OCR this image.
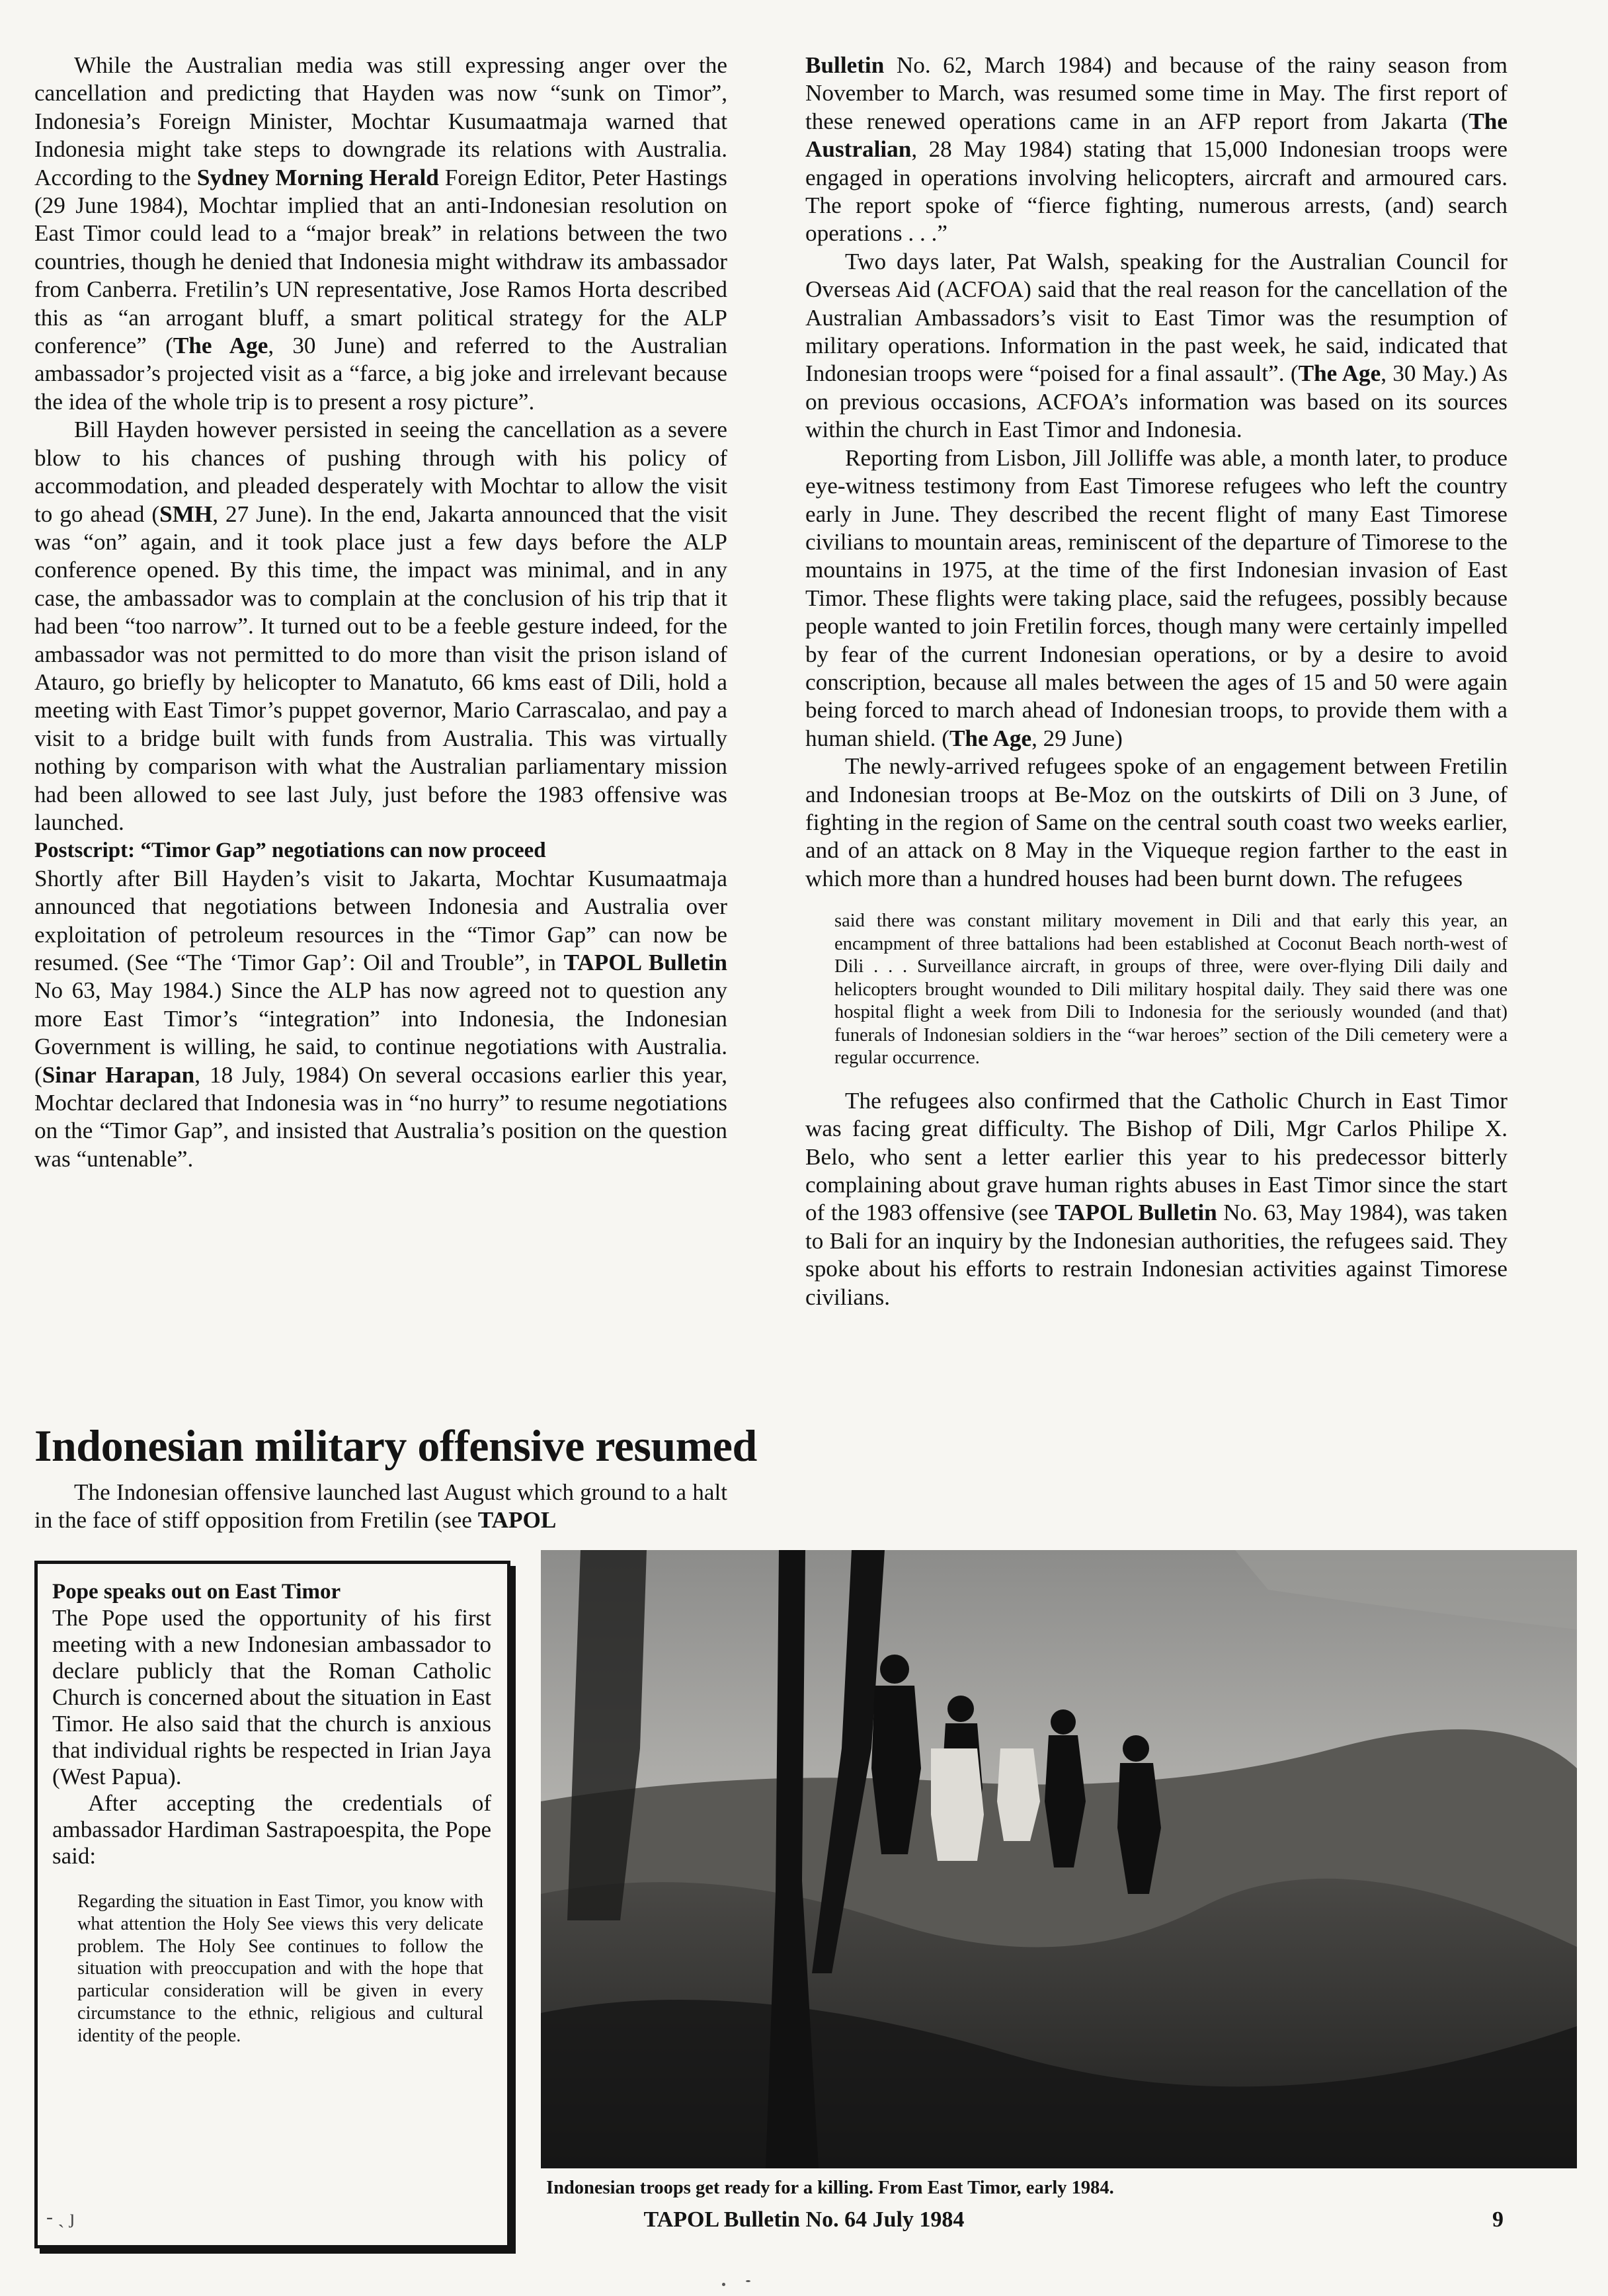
While the Australian media was still expressing anger over the cancellation and predicting that Hayden was now “sunk on Timor”, Indonesia’s Foreign Minister, Mochtar Kusumaatmaja warned that Indonesia might take steps to downgrade its relations with Australia. According to the Sydney Morning Herald Foreign Editor, Peter Hastings (29 June 1984), Mochtar implied that an anti-Indonesian resolution on East Timor could lead to a “major break” in relations between the two countries, though he denied that Indonesia might withdraw its ambassador from Canberra. Fretilin’s UN representative, Jose Ramos Horta described this as “an arrogant bluff, a smart political strategy for the ALP conference” (The Age, 30 June) and referred to the Australian ambassador’s projected visit as a “farce, a big joke and irrelevant because the idea of the whole trip is to present a rosy picture”.

Bill Hayden however persisted in seeing the cancellation as a severe blow to his chances of pushing through with his policy of accommodation, and pleaded desperately with Mochtar to allow the visit to go ahead (SMH, 27 June). In the end, Jakarta announced that the visit was “on” again, and it took place just a few days before the ALP conference opened. By this time, the impact was minimal, and in any case, the ambassador was to complain at the conclusion of his trip that it had been “too narrow”. It turned out to be a feeble gesture indeed, for the ambassador was not permitted to do more than visit the prison island of Atauro, go briefly by helicopter to Manatuto, 66 kms east of Dili, hold a meeting with East Timor’s puppet governor, Mario Carrascalao, and pay a visit to a bridge built with funds from Australia. This was virtually nothing by comparison with what the Australian parliamentary mission had been allowed to see last July, just before the 1983 offensive was launched.

Postscript: “Timor Gap” negotiations can now proceed

Shortly after Bill Hayden’s visit to Jakarta, Mochtar Kusumaatmaja announced that negotiations between Indonesia and Australia over exploitation of petroleum resources in the “Timor Gap” can now be resumed. (See “The ‘Timor Gap’: Oil and Trouble”, in TAPOL Bulletin No 63, May 1984.) Since the ALP has now agreed not to question any more East Timor’s “integration” into Indonesia, the Indonesian Government is willing, he said, to continue negotiations with Australia. (Sinar Harapan, 18 July, 1984) On several occasions earlier this year, Mochtar declared that Indonesia was in “no hurry” to resume negotiations on the “Timor Gap”, and insisted that Australia’s position on the question was “untenable”.

Indonesian military offensive resumed

The Indonesian offensive launched last August which ground to a halt in the face of stiff opposition from Fretilin (see TAPOL

Bulletin No. 62, March 1984) and because of the rainy season from November to March, was resumed some time in May. The first report of these renewed operations came in an AFP report from Jakarta (The Australian, 28 May 1984) stating that 15,000 Indonesian troops were engaged in operations involving helicopters, aircraft and armoured cars. The report spoke of “fierce fighting, numerous arrests, (and) search operations . . .”

Two days later, Pat Walsh, speaking for the Australian Council for Overseas Aid (ACFOA) said that the real reason for the cancellation of the Australian Ambassadors’s visit to East Timor was the resumption of military operations. Information in the past week, he said, indicated that Indonesian troops were “poised for a final assault”. (The Age, 30 May.) As on previous occasions, ACFOA’s information was based on its sources within the church in East Timor and Indonesia.

Reporting from Lisbon, Jill Jolliffe was able, a month later, to produce eye-witness testimony from East Timorese refugees who left the country early in June. They described the recent flight of many East Timorese civilians to mountain areas, reminiscent of the departure of Timorese to the mountains in 1975, at the time of the first Indonesian invasion of East Timor. These flights were taking place, said the refugees, possibly because people wanted to join Fretilin forces, though many were certainly impelled by fear of the current Indonesian operations, or by a desire to avoid conscription, because all males between the ages of 15 and 50 were again being forced to march ahead of Indonesian troops, to provide them with a human shield. (The Age, 29 June)

The newly-arrived refugees spoke of an engagement between Fretilin and Indonesian troops at Be-Moz on the outskirts of Dili on 3 June, of fighting in the region of Same on the central south coast two weeks earlier, and of an attack on 8 May in the Viqueque region farther to the east in which more than a hundred houses had been burnt down. The refugees

said there was constant military movement in Dili and that early this year, an encampment of three battalions had been established at Coconut Beach north-west of Dili . . . Surveillance aircraft, in groups of three, were over-flying Dili daily and helicopters brought wounded to Dili military hospital daily. They said there was one hospital flight a week from Dili to Indonesia for the seriously wounded (and that) funerals of Indonesian soldiers in the “war heroes” section of the Dili cemetery were a regular occurrence.

The refugees also confirmed that the Catholic Church in East Timor was facing great difficulty. The Bishop of Dili, Mgr Carlos Philipe X. Belo, who sent a letter earlier this year to his predecessor bitterly complaining about grave human rights abuses in East Timor since the start of the 1983 offensive (see TAPOL Bulletin No. 63, May 1984), was taken to Bali for an inquiry by the Indonesian authorities, the refugees said. They spoke about his efforts to restrain Indonesian activities against Timorese civilians.

Pope speaks out on East Timor

The Pope used the opportunity of his first meeting with a new Indonesian ambassador to declare publicly that the Roman Catholic Church is concerned about the situation in East Timor. He also said that the church is anxious that individual rights be respected in Irian Jaya (West Papua).

After accepting the credentials of ambassador Hardiman Sastrapoespita, the Pope said:

Regarding the situation in East Timor, you know with what attention the Holy See views this very delicate problem. The Holy See continues to follow the situation with preoccupation and with the hope that particular consideration will be given in every circumstance to the ethnic, religious and cultural identity of the people.
Indonesian troops get ready for a killing. From East Timor, early 1984.
‐ ˏ ȷ	TAPOL Bulletin No. 64 July 1984	9
